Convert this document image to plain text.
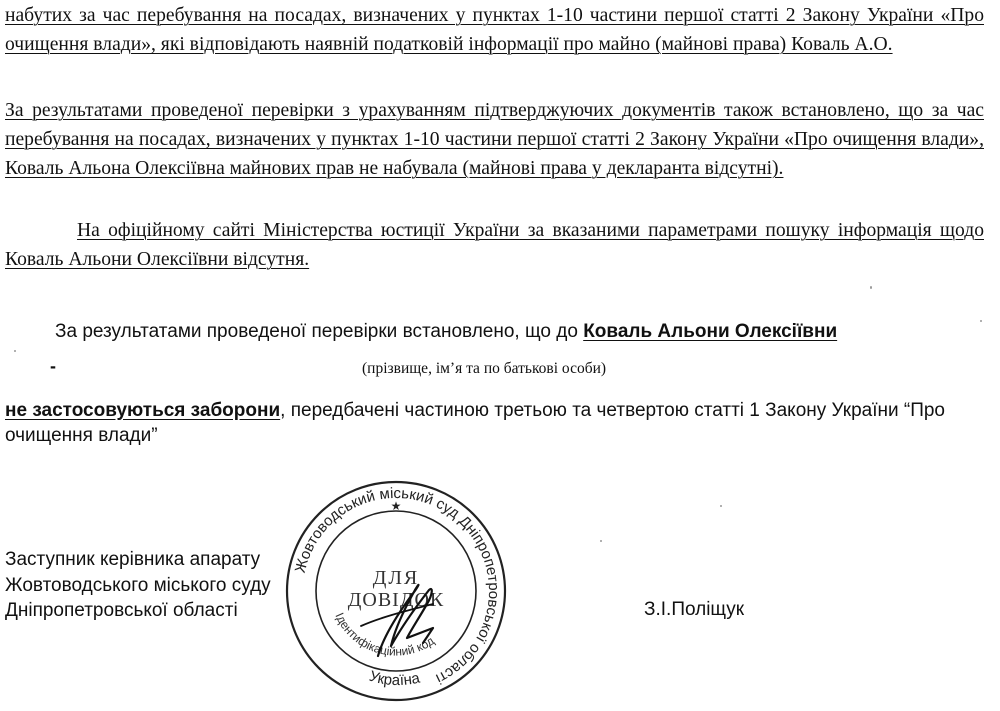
набутих за час перебування на посадах, визначених у пунктах 1-10 частини першої статті 2 Закону України «Про очищення влади», які відповідають наявній податковій інформації про майно (майнові права) Коваль А.О.

За результатами проведеної перевірки з урахуванням підтверджуючих документів також встановлено, що за час перебування на посадах, визначених у пунктах 1-10 частини першої статті 2 Закону України «Про очищення влади», Коваль Альона Олексіївна майнових прав не набувала (майнові права у декларанта відсутні).

На офіційному сайті Міністерства юстиції України за вказаними параметрами пошуку інформація щодо Коваль Альони Олексіївни відсутня.

За результатами проведеної перевірки встановлено, що до Коваль Альони Олексіївни
-	(прізвище, ім’я та по батькові особи)
не застосовуються заборони, передбачені частиною третьою та четвертою статті 1 Закону України “Про очищення влади”
Заступник керівника апарату
Жовтоводського міського суду
Дніпропетровської області	З.І.Поліщук
Жовтоводський міський суд Дніпропетровської області
★
ДЛЯ
ДОВІДОК
Ідентифікаційний код
Україна
